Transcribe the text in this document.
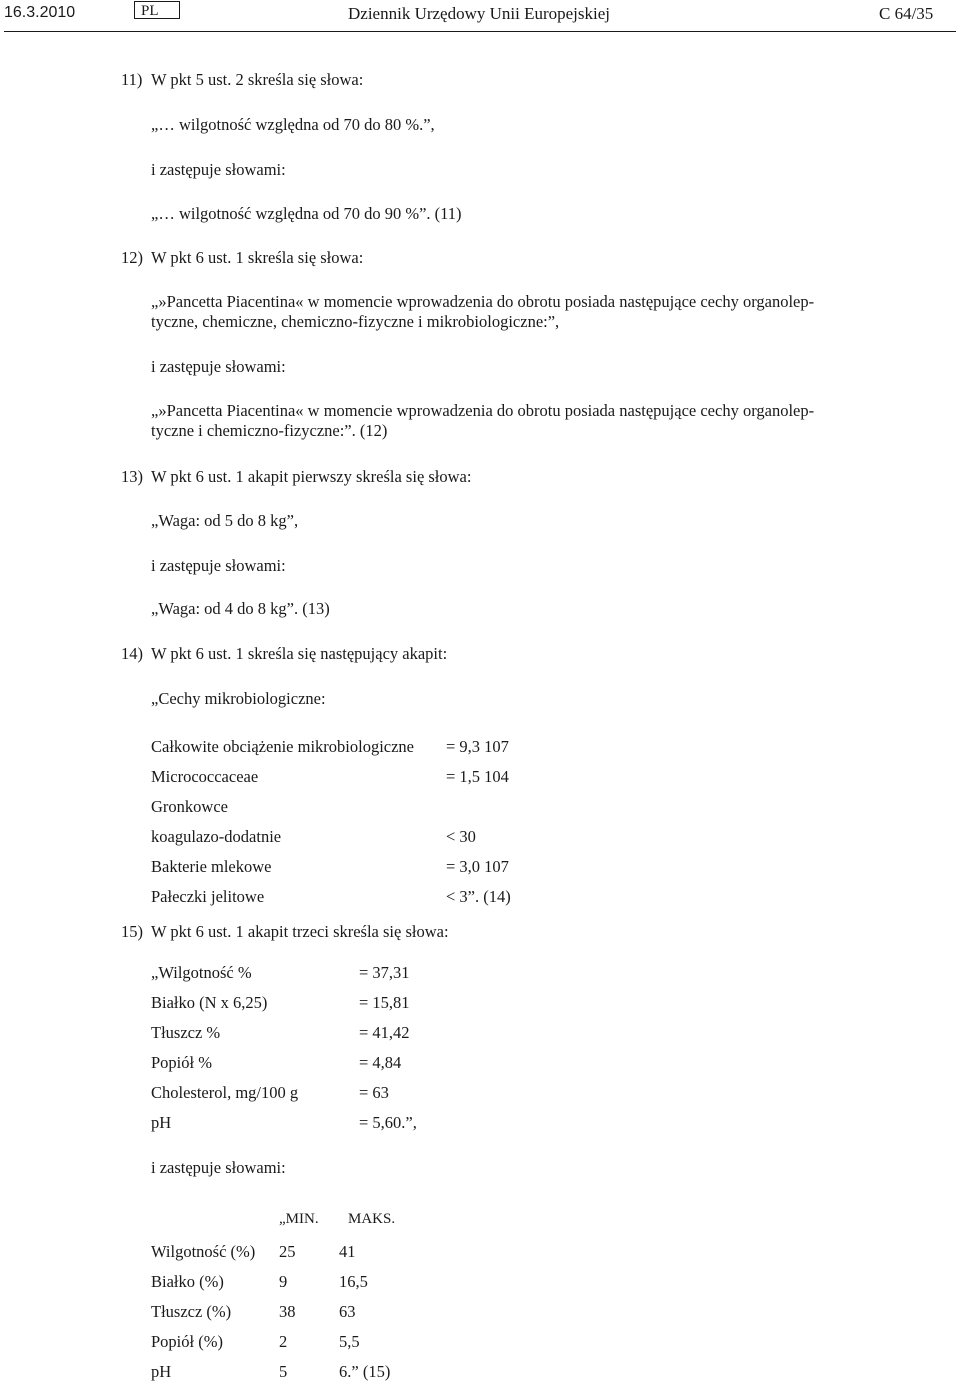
16.3.2010	PL	Dziennik Urzędowy Unii Europejskiej	C 64/35
11) W pkt 5 ust. 2 skreśla się słowa:
„… wilgotność względna od 70 do 80 %.”,
i zastępuje słowami:
„… wilgotność względna od 70 do 90 %”. (11)
12) W pkt 6 ust. 1 skreśla się słowa:
„»Pancetta Piacentina« w momencie wprowadzenia do obrotu posiada następujące cechy organolep-
tyczne, chemiczne, chemiczno-fizyczne i mikrobiologiczne:”,
i zastępuje słowami:
„»Pancetta Piacentina« w momencie wprowadzenia do obrotu posiada następujące cechy organolep-
tyczne i chemiczno-fizyczne:”. (12)
13) W pkt 6 ust. 1 akapit pierwszy skreśla się słowa:
„Waga: od 5 do 8 kg”,
i zastępuje słowami:
„Waga: od 4 do 8 kg”. (13)
14) W pkt 6 ust. 1 skreśla się następujący akapit:
„Cechy mikrobiologiczne:
Całkowite obciążenie mikrobiologiczne = 9,3 107
Micrococcaceae	= 1,5 104
Gronkowce
koagulazo-dodatnie	< 30
Bakterie mlekowe	= 3,0 107
Pałeczki jelitowe	< 3”. (14)
15) W pkt 6 ust. 1 akapit trzeci skreśla się słowa:
„Wilgotność %	= 37,31
Białko (N x 6,25)	= 15,81
Tłuszcz %	= 41,42
Popiół %	= 4,84
Cholesterol, mg/100 g	= 63
pH	= 5,60.”,
i zastępuje słowami:
„MIN. MAKS.
Wilgotność (%) 25	41
Białko (%)	9	16,5
Tłuszcz (%)	38	63
Popiół (%)	2	5,5
pH	5	6.” (15)
